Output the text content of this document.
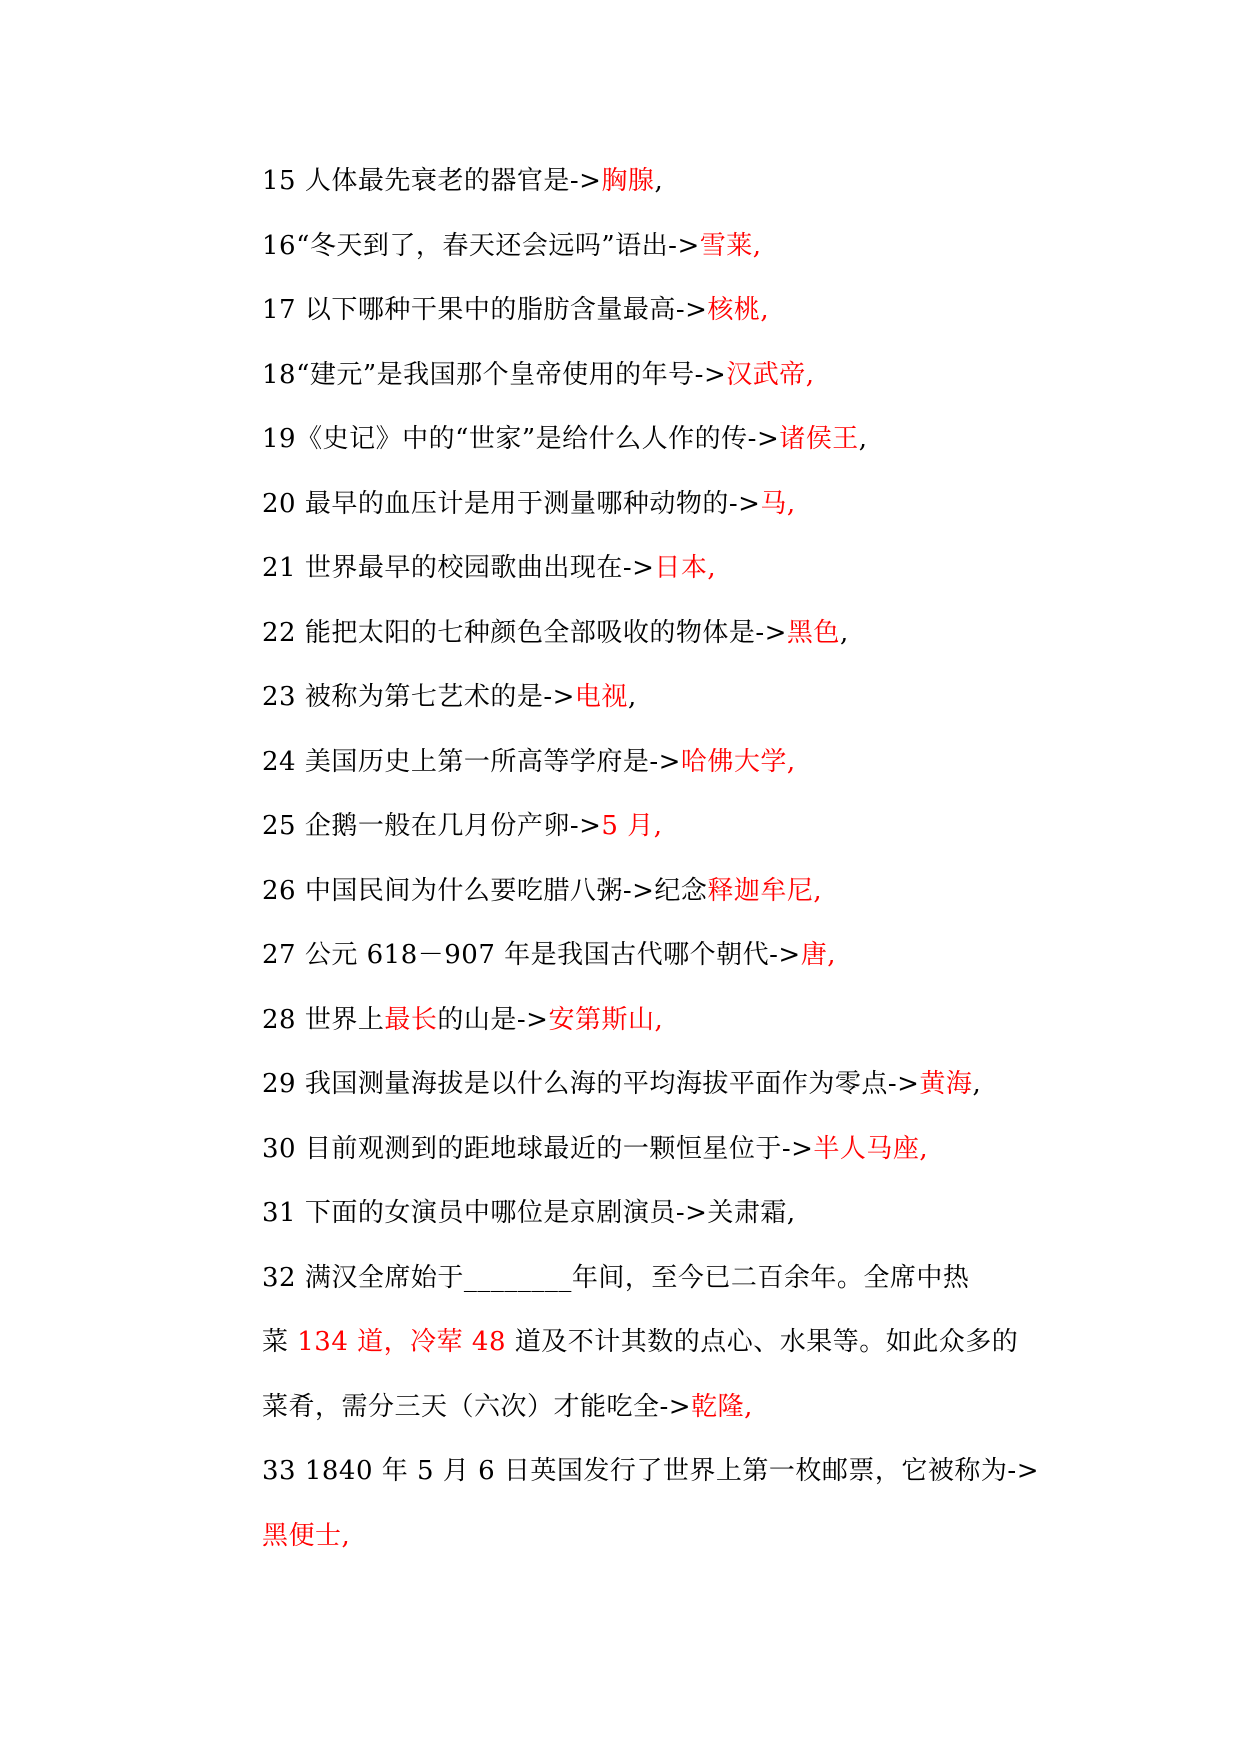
15 人体最先衰老的器官是->胸腺,
16“冬天到了，春天还会远吗”语出->雪莱,
17 以下哪种干果中的脂肪含量最高->核桃,
18“建元”是我国那个皇帝使用的年号->汉武帝,
19《史记》中的“世家”是给什么人作的传->诸侯王,
20 最早的血压计是用于测量哪种动物的->马,
21 世界最早的校园歌曲出现在->日本,
22 能把太阳的七种颜色全部吸收的物体是->黑色,
23 被称为第七艺术的是->电视,
24 美国历史上第一所高等学府是->哈佛大学,
25 企鹅一般在几月份产卵->5 月,
26 中国民间为什么要吃腊八粥->纪念释迦牟尼,
27 公元 618－907 年是我国古代哪个朝代->唐,
28 世界上最长的山是->安第斯山,
29 我国测量海拔是以什么海的平均海拔平面作为零点->黄海,
30 目前观测到的距地球最近的一颗恒星位于->半人马座,
31 下面的女演员中哪位是京剧演员->关肃霜,
32 满汉全席始于________年间，至今已二百余年。全席中热
菜 134 道，冷荤 48 道及不计其数的点心、水果等。如此众多的
菜肴，需分三天（六次）才能吃全->乾隆,
33 1840 年 5 月 6 日英国发行了世界上第一枚邮票，它被称为->
黑便士,
